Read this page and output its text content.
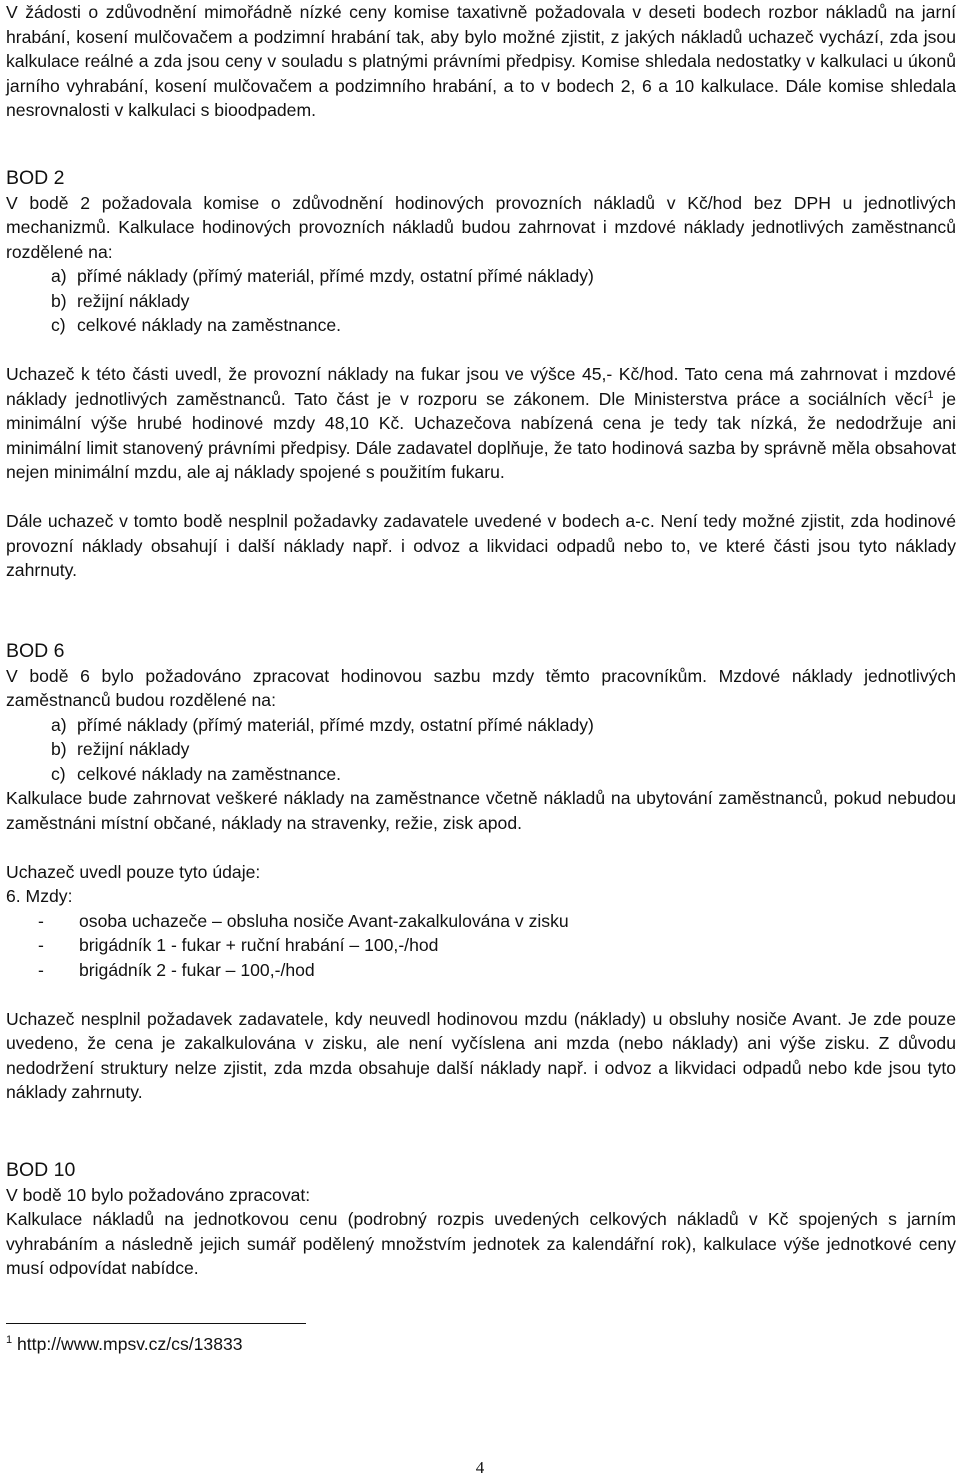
V žádosti o zdůvodnění mimořádně nízké ceny komise taxativně požadovala v deseti bodech rozbor nákladů na jarní hrabání, kosení mulčovačem a podzimní hrabání tak, aby bylo možné zjistit, z jakých nákladů uchazeč vychází, zda jsou kalkulace reálné a zda jsou ceny v souladu s platnými právními předpisy. Komise shledala nedostatky v kalkulaci u úkonů jarního vyhrabání, kosení mulčovačem a podzimního hrabání, a to v bodech 2, 6 a 10 kalkulace. Dále komise shledala nesrovnalosti v kalkulaci s bioodpadem.

BOD 2

V bodě 2 požadovala komise o zdůvodnění hodinových provozních nákladů v Kč/hod bez DPH u jednotlivých mechanizmů. Kalkulace hodinových provozních nákladů budou zahrnovat i mzdové náklady jednotlivých zaměstnanců rozdělené na:

a) přímé náklady (přímý materiál, přímé mzdy, ostatní přímé náklady)
b) režijní náklady
c) celkové náklady na zaměstnance.

Uchazeč k této části uvedl, že provozní náklady na fukar jsou ve výšce 45,- Kč/hod. Tato cena má zahrnovat i mzdové náklady jednotlivých zaměstnanců. Tato část je v rozporu se zákonem. Dle Ministerstva práce a sociálních věcí$^1$ je minimální výše hrubé hodinové mzdy 48,10 Kč. Uchazečova nabízená cena je tedy tak nízká, že nedodržuje ani minimální limit stanovený právními předpisy. Dále zadavatel doplňuje, že tato hodinová sazba by správně měla obsahovat nejen minimální mzdu, ale aj náklady spojené s použitím fukaru.

Dále uchazeč v tomto bodě nesplnil požadavky zadavatele uvedené v bodech a-c. Není tedy možné zjistit, zda hodinové provozní náklady obsahují i další náklady např. i odvoz a likvidaci odpadů nebo to, ve které části jsou tyto náklady zahrnuty.

BOD 6

V bodě 6 bylo požadováno zpracovat hodinovou sazbu mzdy těmto pracovníkům. Mzdové náklady jednotlivých zaměstnanců budou rozdělené na:

a) přímé náklady (přímý materiál, přímé mzdy, ostatní přímé náklady)
b) režijní náklady
c) celkové náklady na zaměstnance.

Kalkulace bude zahrnovat veškeré náklady na zaměstnance včetně nákladů na ubytování zaměstnanců, pokud nebudou zaměstnáni místní občané, náklady na stravenky, režie, zisk apod.

Uchazeč uvedl pouze tyto údaje:

6. Mzdy:

- osoba uchazeče – obsluha nosiče Avant-zakalkulována v zisku
- brigádník 1 - fukar + ruční hrabání – 100,-/hod
- brigádník 2 - fukar – 100,-/hod

Uchazeč nesplnil požadavek zadavatele, kdy neuvedl hodinovou mzdu (náklady) u obsluhy nosiče Avant. Je zde pouze uvedeno, že cena je zakalkulována v zisku, ale není vyčíslena ani mzda (nebo náklady) ani výše zisku. Z důvodu nedodržení struktury nelze zjistit, zda mzda obsahuje další náklady např. i odvoz a likvidaci odpadů nebo kde jsou tyto náklady zahrnuty.

BOD 10

V bodě 10 bylo požadováno zpracovat:

Kalkulace nákladů na jednotkovou cenu (podrobný rozpis uvedených celkových nákladů v Kč spojených s jarním vyhrabáním a následně jejich sumář podělený množstvím jednotek za kalendářní rok), kalkulace výše jednotkové ceny musí odpovídat nabídce.

$^1$ http://www.mpsv.cz/cs/13833
4
